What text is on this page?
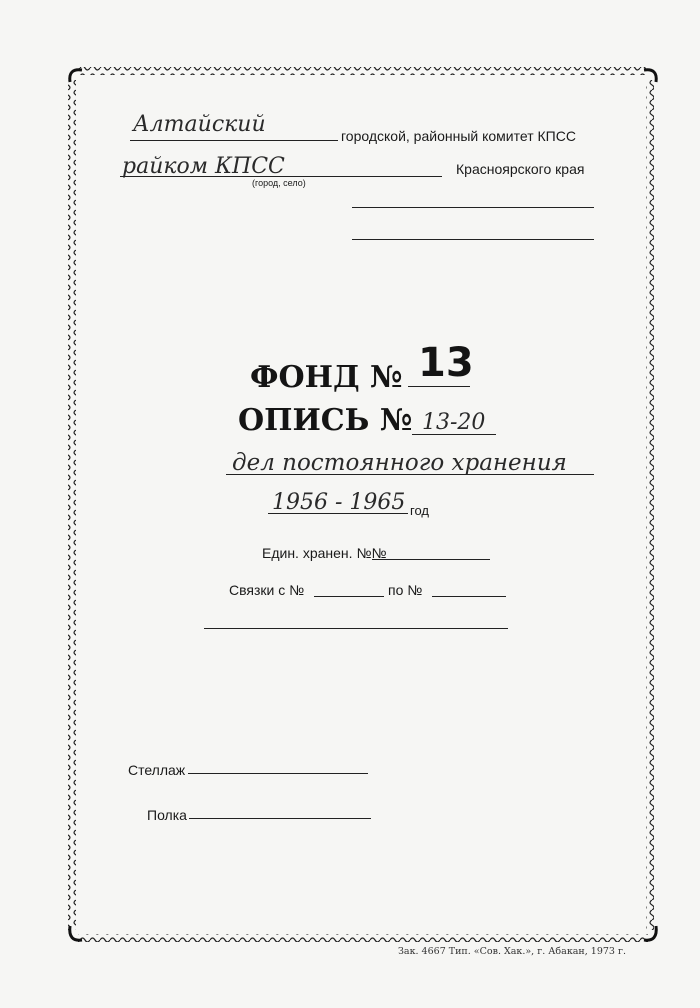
Алтайский	городской, районный комитет КПСС
райком КПСС
(город, село)
Красноярского края
ФОНД № 13
ОПИСЬ № 13-20
дел постоянного хранения
1956 - 1965 год
Един. хранен. №№
Связки с №	по №
Стеллаж
Полка
Зак. 4667 Тип. «Сов. Хак.», г. Абакан, 1973 г.
